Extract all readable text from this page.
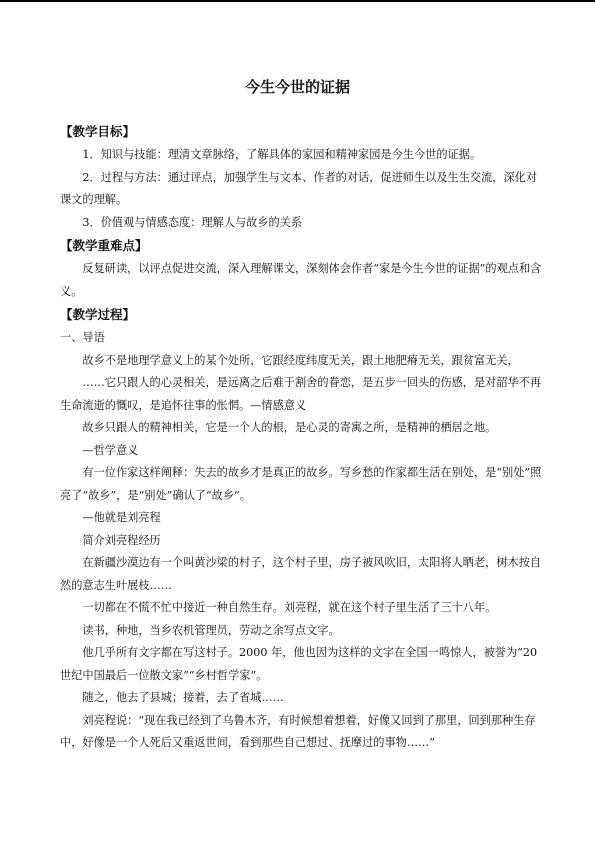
今生今世的证据

【教学目标】

1．知识与技能：理清文章脉络，了解具体的家园和精神家园是今生今世的证据。

2．过程与方法：通过评点，加强学生与文本、作者的对话，促进师生以及生生交流，深化对课文的理解。

3．价值观与情感态度：理解人与故乡的关系

【教学重难点】

反复研读，以评点促进交流，深入理解课文，深刻体会作者“家是今生今世的证据”的观点和含义。

【教学过程】

一、导语

故乡不是地理学意义上的某个处所，它跟经度纬度无关，跟土地肥瘠无关，跟贫富无关，

……它只跟人的心灵相关，是远离之后难于割舍的眷恋，是五步一回头的伤感，是对韶华不再生命流逝的慨叹，是追怀往事的怅惘。—情感意义

故乡只跟人的精神相关，它是一个人的根，是心灵的寄寓之所，是精神的栖居之地。

—哲学意义

有一位作家这样阐释：失去的故乡才是真正的故乡。写乡愁的作家都生活在别处，是“别处”照亮了“故乡”，是“别处”确认了“故乡”。

—他就是刘亮程

简介刘亮程经历

在新疆沙漠边有一个叫黄沙梁的村子，这个村子里，房子被风吹旧，太阳将人晒老，树木按自然的意志生叶展枝……

一切都在不慌不忙中接近一种自然生存。刘亮程，就在这个村子里生活了三十八年。

读书，种地，当乡农机管理员，劳动之余写点文字。

他几乎所有文字都在写这村子。2000 年，他也因为这样的文字在全国一鸣惊人，被誉为“20 世纪中国最后一位散文家”“乡村哲学家”。

随之，他去了县城；接着，去了省城……

刘亮程说：“现在我已经到了乌鲁木齐，有时候想着想着，好像又回到了那里，回到那种生存中，好像是一个人死后又重返世间，看到那些自己想过、抚摩过的事物……”
